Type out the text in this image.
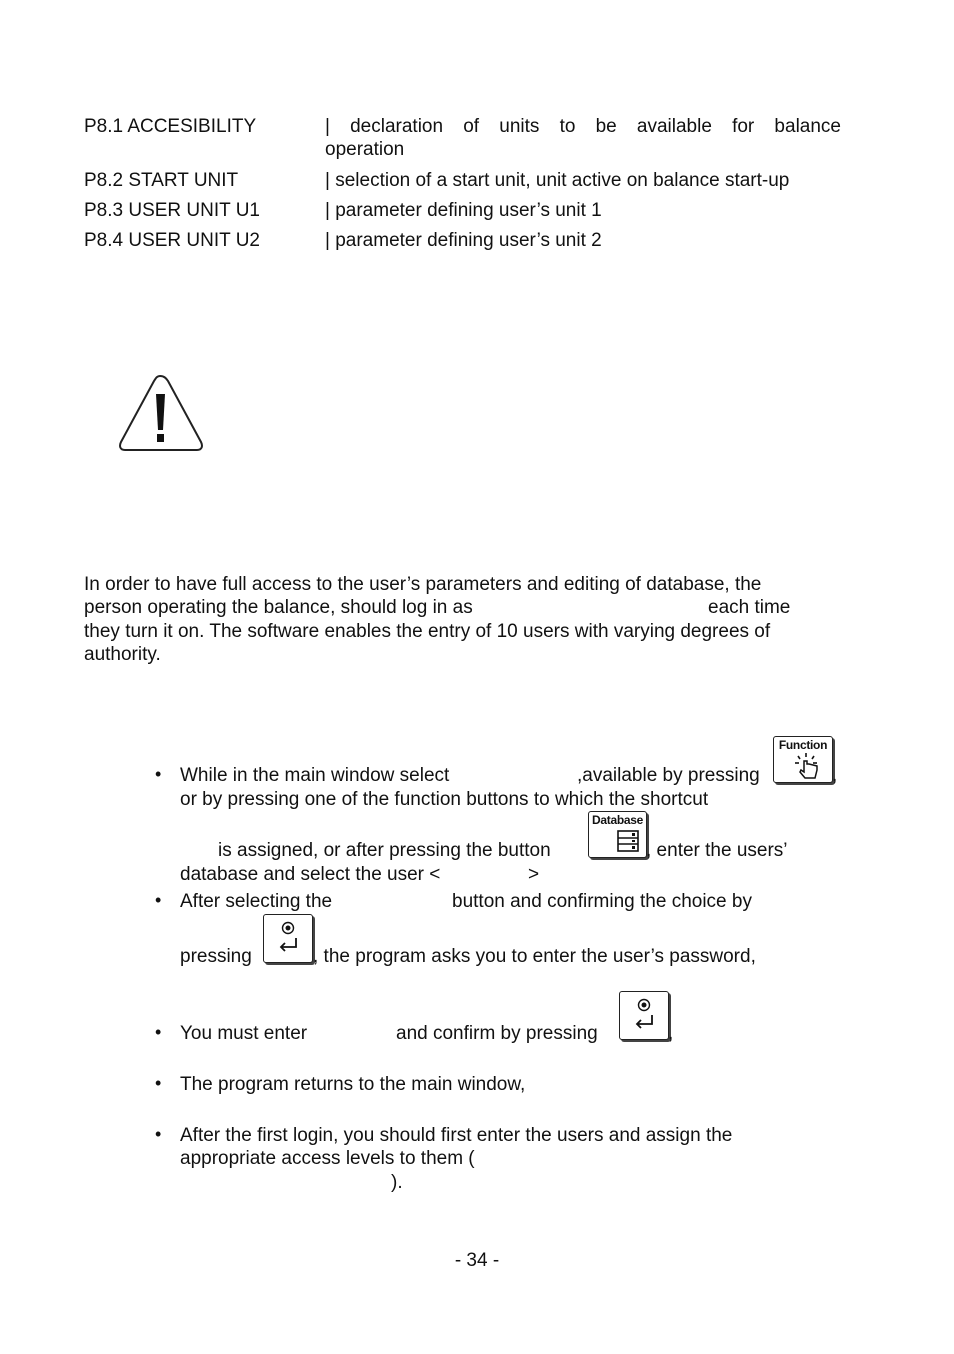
P8.1 ACCESIBILITY	| declaration of units to be available for balance
operation
P8.2 START UNIT	| selection of a start unit, unit active on balance start-up
P8.3 USER UNIT U1	| parameter defining user’s unit 1
P8.4 USER UNIT U2	| parameter defining user’s unit 2
In order to have full access to the user’s parameters and editing of database, the
person operating the balance, should log in as	each time
they turn it on. The software enables the entry of 10 users with varying degrees of
authority.
• While in the main window select	,available by pressing
Function
,
or by pressing one of the function buttons to which the shortcut
is assigned, or after pressing the button
Database
, enter the users’
database and select the user <	>
• After selecting the	button and confirming the choice by
pressing	, the program asks you to enter the user’s password,
• You must enter	and confirm by pressing	,
• The program returns to the main window,
• After the first login, you should first enter the users and assign the
appropriate access levels to them (
).
- 34 -
